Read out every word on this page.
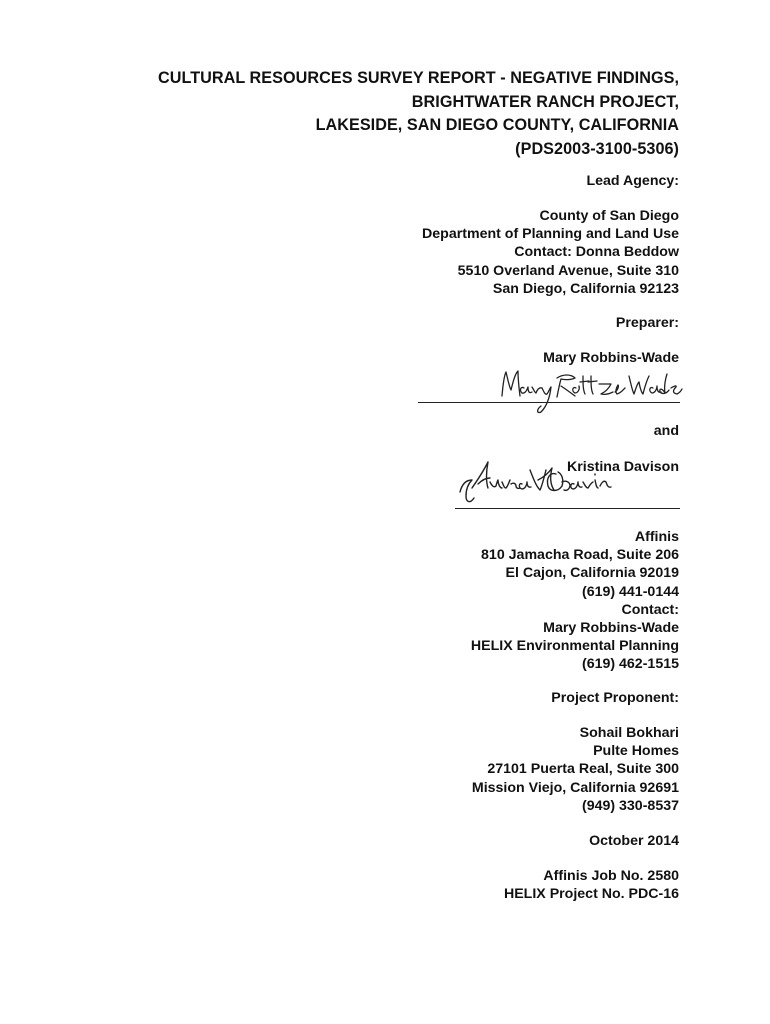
CULTURAL RESOURCES SURVEY REPORT - NEGATIVE FINDINGS,
BRIGHTWATER RANCH PROJECT,
LAKESIDE, SAN DIEGO COUNTY, CALIFORNIA
(PDS2003-3100-5306)
Lead Agency:
County of San Diego
Department of Planning and Land Use
Contact: Donna Beddow
5510 Overland Avenue, Suite 310
San Diego, California 92123
Preparer:
Mary Robbins-Wade
and
Kristina Davison
Affinis
810 Jamacha Road, Suite 206
El Cajon, California 92019
(619) 441-0144
Contact:
Mary Robbins-Wade
HELIX Environmental Planning
(619) 462-1515
Project Proponent:
Sohail Bokhari
Pulte Homes
27101 Puerta Real, Suite 300
Mission Viejo, California 92691
(949) 330-8537
October 2014
Affinis Job No. 2580
HELIX Project No. PDC-16
